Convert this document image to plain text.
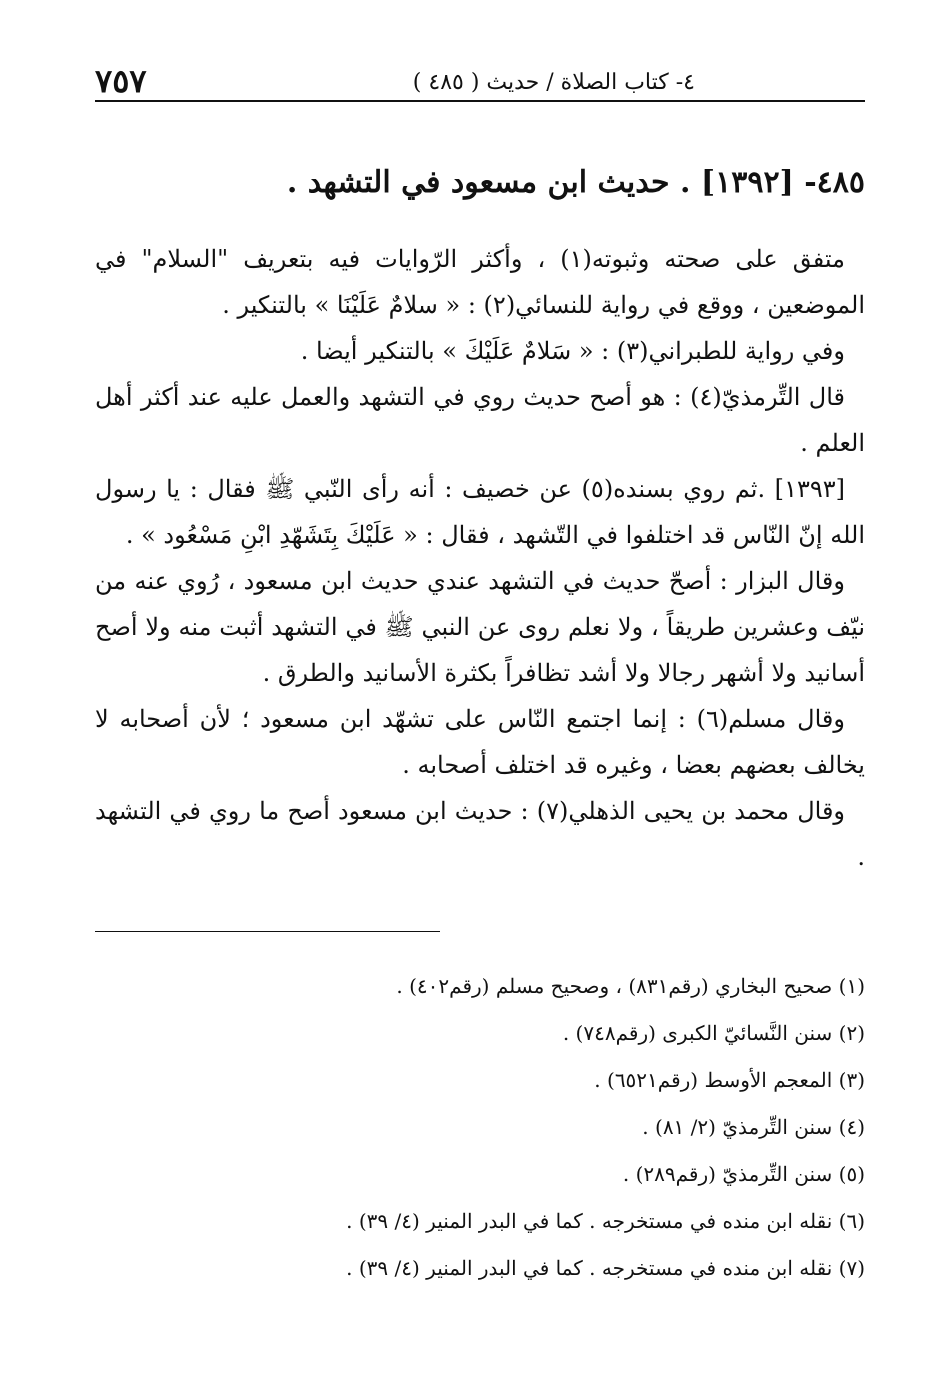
٤- كتاب الصلاة / حديث ( ٤٨٥ )
٧٥٧
٤٨٥- [١٣٩٢] . حديث ابن مسعود في التشهد .

متفق على صحته وثبوته(١) ، وأكثر الرّوايات فيه بتعريف "السلام" في الموضعين ، ووقع في رواية للنسائي(٢) : « سلامٌ عَلَيْنَا » بالتنكير .

وفي رواية للطبراني(٣) : « سَلامٌ عَلَيْكَ » بالتنكير أيضا .

قال التِّرمذيّ(٤) : هو أصح حديث روي في التشهد والعمل عليه عند أكثر أهل العلم .

[١٣٩٣] .ثم روي بسنده(٥) عن خصيف : أنه رأى النّبي ﷺ فقال : يا رسول الله إنّ النّاس قد اختلفوا في التّشهد ، فقال : « عَلَيْكَ بِتَشَهّدِ ابْنِ مَسْعُود » .

وقال البزار : أصحّ حديث في التشهد عندي حديث ابن مسعود ، رُوي عنه من نيّف وعشرين طريقاً ، ولا نعلم روى عن النبي ﷺ في التشهد أثبت منه ولا أصح أسانيد ولا أشهر رجالا ولا أشد تظافراً بكثرة الأسانيد والطرق .

وقال مسلم(٦) : إنما اجتمع النّاس على تشهّد ابن مسعود ؛ لأن أصحابه لا يخالف بعضهم بعضا ، وغيره قد اختلف أصحابه .

وقال محمد بن يحيى الذهلي(٧) : حديث ابن مسعود أصح ما روي في التشهد .

(١) صحيح البخاري (رقم٨٣١) ، وصحيح مسلم (رقم٤٠٢) .
(٢) سنن النَّسائيّ الكبرى (رقم٧٤٨) .
(٣) المعجم الأوسط (رقم٦٥٢١) .
(٤) سنن التِّرمذيّ (٢/ ٨١) .
(٥) سنن التِّرمذيّ (رقم٢٨٩) .
(٦) نقله ابن منده في مستخرجه . كما في البدر المنير (٤/ ٣٩) .
(٧) نقله ابن منده في مستخرجه . كما في البدر المنير (٤/ ٣٩) .
